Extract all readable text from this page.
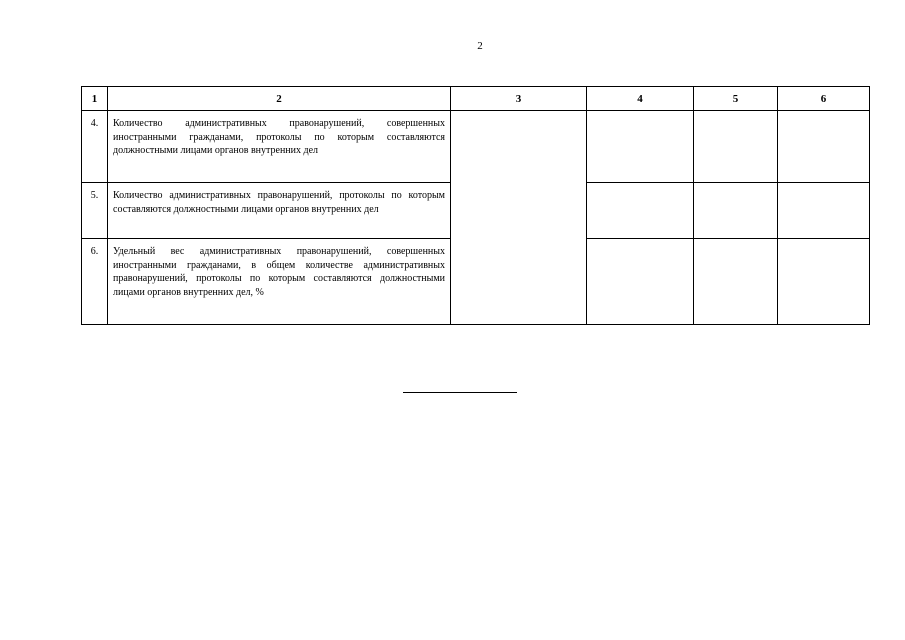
2
1	2	3	4	5	6
4.	Количество административных правонарушений, совершенных иностранными гражданами, протоколы по которым составляются должностными лицами органов внутренних дел				
5.	Количество административных правонарушений, протоколы по которым составляются должностными лицами органов внутренних дел				
6.	Удельный вес административных правонарушений, совершенных иностранными гражданами, в общем количестве административных правонарушений, протоколы по которым составляются должностными лицами органов внутренних дел, %				
